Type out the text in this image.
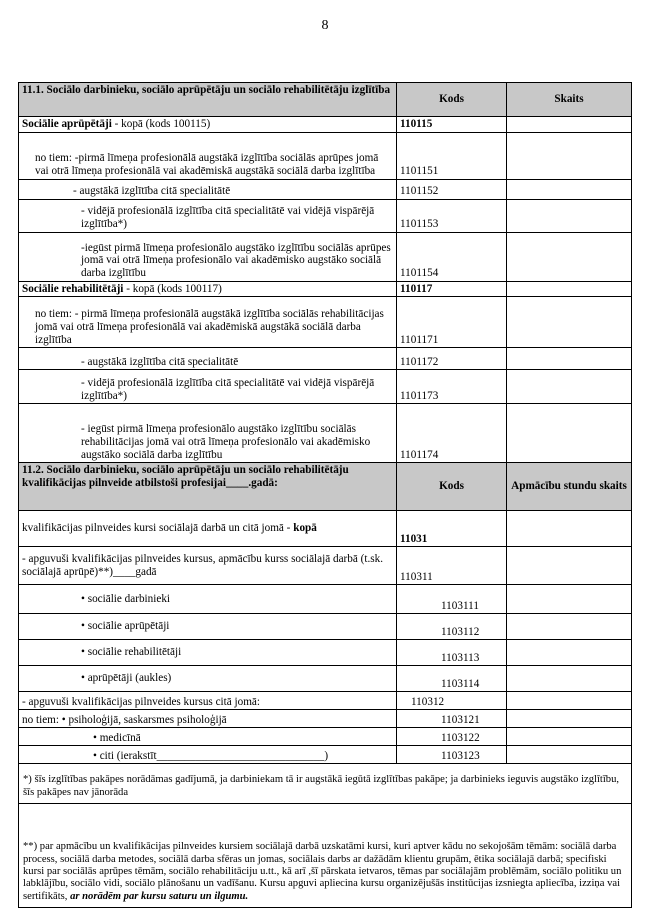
8
11.1. Sociālo darbinieku, sociālo aprūpētāju un sociālo rehabilitētāju izglītība	Kods	Skaits
Sociālie aprūpētāji - kopā (kods 100115)	110115	
no tiem: -pirmā līmeņa profesionālā augstākā izglītība sociālās aprūpes jomā vai otrā līmeņa profesionālā vai akadēmiskā augstākā sociālā darba izglītība	1101151	
- augstākā izglītība citā specialitātē	1101152	
- vidējā profesionālā izglītība citā specialitātē vai vidējā vispārējā izglītība*)	1101153	
-iegūst pirmā līmeņa profesionālo augstāko izglītību sociālās aprūpes jomā vai otrā līmeņa profesionālo vai akadēmisko augstāko sociālā darba izglītību	1101154	
Sociālie rehabilitētāji - kopā (kods 100117)	110117	
no tiem: - pirmā līmeņa profesionālā augstākā izglītība sociālās rehabilitācijas jomā vai otrā līmeņa profesionālā vai akadēmiskā augstākā sociālā darba izglītība	1101171	
- augstākā izglītība citā specialitātē	1101172	
- vidējā profesionālā izglītība citā specialitātē vai vidējā vispārējā izglītība*)	1101173	
- iegūst pirmā līmeņa profesionālo augstāko izglītību sociālās rehabilitācijas jomā vai otrā līmeņa profesionālo vai akadēmisko augstāko sociālā darba izglītību	1101174	
11.2. Sociālo darbinieku, sociālo aprūpētāju un sociālo rehabilitētāju kvalifikācijas pilnveide atbilstoši profesijai____.gadā:	Kods	Apmācību stundu skaits
kvalifikācijas pilnveides kursi sociālajā darbā un citā jomā - kopā	11031	
- apguvuši kvalifikācijas pilnveides kursus, apmācību kurss sociālajā darbā (t.sk. sociālajā aprūpē)**)____gadā	110311	
• sociālie darbinieki	1103111	
• sociālie aprūpētāji	1103112	
• sociālie rehabilitētāji	1103113	
• aprūpētāji (aukles)	1103114	
- apguvuši kvalifikācijas pilnveides kursus citā jomā:	110312	
no tiem: • psiholoģijā, saskarsmes psiholoģijā	1103121	
• medicīnā	1103122	
• citi (ierakstīt______________________________)	1103123	
*) šīs izglītības pakāpes norādāmas gadījumā, ja darbiniekam tā ir augstākā iegūtā izglītības pakāpe; ja darbinieks ieguvis augstāko izglītību, šīs pakāpes nav jānorāda		
**) par apmācību un kvalifikācijas pilnveides kursiem sociālajā darbā uzskatāmi kursi, kuri aptver kādu no sekojošām tēmām: sociālā darba process, sociālā darba metodes, sociālā darba sfēras un jomas, sociālais darbs ar dažādām klientu grupām, ētika sociālajā darbā; specifiski kursi par sociālās aprūpes tēmām, sociālo rehabilitāciju u.tt., kā arī ,šī pārskata ietvaros, tēmas par sociālajām problēmām, sociālo politiku un labklājību, sociālo vidi, sociālo plānošanu un vadīšanu. Kursu apguvi apliecina kursu organizējušās institūcijas izsniegta apliecība, izziņa vai sertifikāts, ar norādēm par kursu saturu un ilgumu.		
